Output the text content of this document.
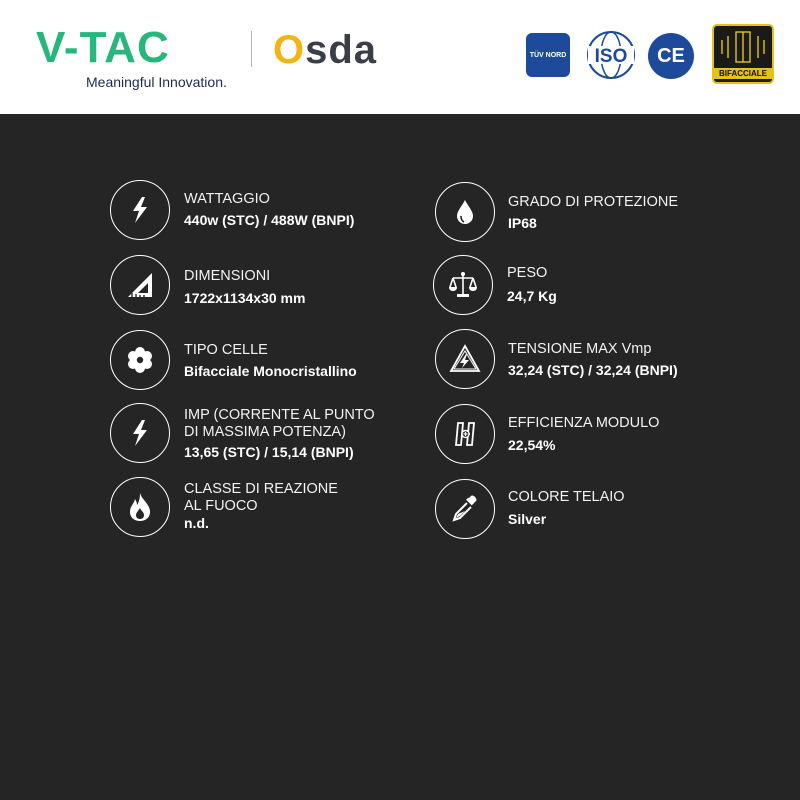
V-TAC
Meaningful Innovation.
Osda	TÜV NORD ISO	CE
BIFACCIALE
WATTAGGIO
440w (STC) / 488W (BNPI)
DIMENSIONI
1722x1134x30 mm
TIPO CELLE
Bifacciale Monocristallino
IMP (CORRENTE AL PUNTO
DI MASSIMA POTENZA)
13,65 (STC) / 15,14 (BNPI)
CLASSE DI REAZIONE
AL FUOCO
n.d.
GRADO DI PROTEZIONE
IP68
PESO
24,7 Kg
TENSIONE MAX Vmp
32,24 (STC) / 32,24 (BNPI)
EFFICIENZA MODULO
22,54%
COLORE TELAIO
Silver
